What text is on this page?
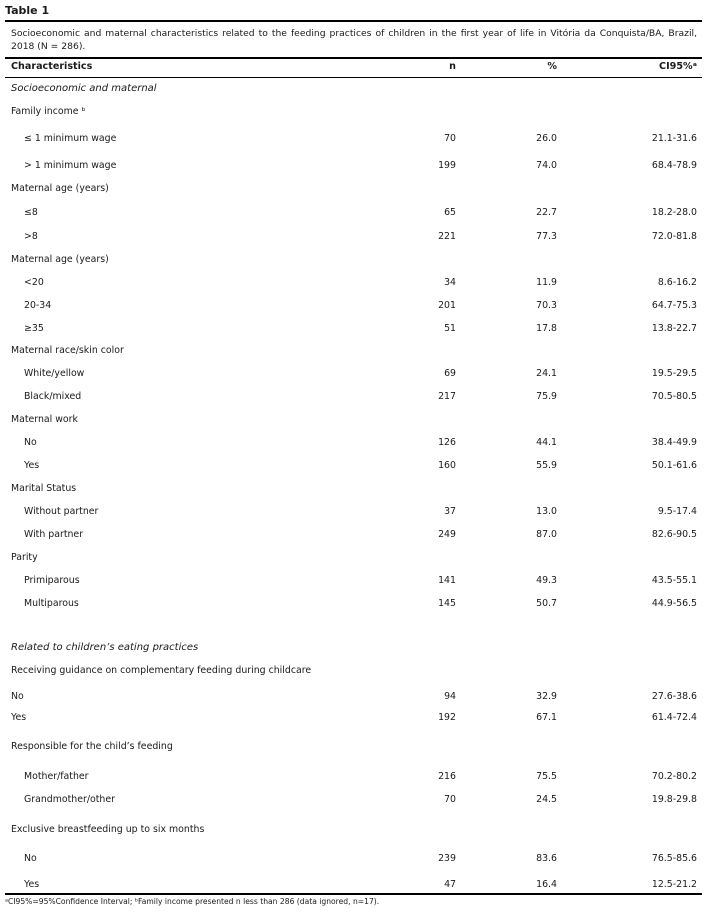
Table 1
Socioeconomic and maternal characteristics related to the feeding practices of children in the first year of life in Vitória da Conquista/BA, Brazil, 2018 (N = 286).
Characteristics	n	%	CI95%ᵃ
Socioeconomic and maternal
Family income ᵇ
≤ 1 minimum wage	70	26.0	21.1-31.6
> 1 minimum wage	199	74.0	68.4-78.9
Maternal age (years)
≤8	65	22.7	18.2-28.0
>8	221	77.3	72.0-81.8
Maternal age (years)
<20	34	11.9	8.6-16.2
20-34	201	70.3	64.7-75.3
≥35	51	17.8	13.8-22.7
Maternal race/skin color
White/yellow	69	24.1	19.5-29.5
Black/mixed	217	75.9	70.5-80.5
Maternal work
No	126	44.1	38.4-49.9
Yes	160	55.9	50.1-61.6
Marital Status
Without partner	37	13.0	9.5-17.4
With partner	249	87.0	82.6-90.5
Parity
Primiparous	141	49.3	43.5-55.1
Multiparous	145	50.7	44.9-56.5
Related to children’s eating practices
Receiving guidance on complementary feeding during childcare
No	94	32.9	27.6-38.6
Yes	192	67.1	61.4-72.4
Responsible for the child’s feeding
Mother/father	216	75.5	70.2-80.2
Grandmother/other	70	24.5	19.8-29.8
Exclusive breastfeeding up to six months
No	239	83.6	76.5-85.6
Yes	47	16.4	12.5-21.2
ᵃCI95%=95%Confidence Interval; ᵇFamily income presented n less than 286 (data ignored, n=17).
